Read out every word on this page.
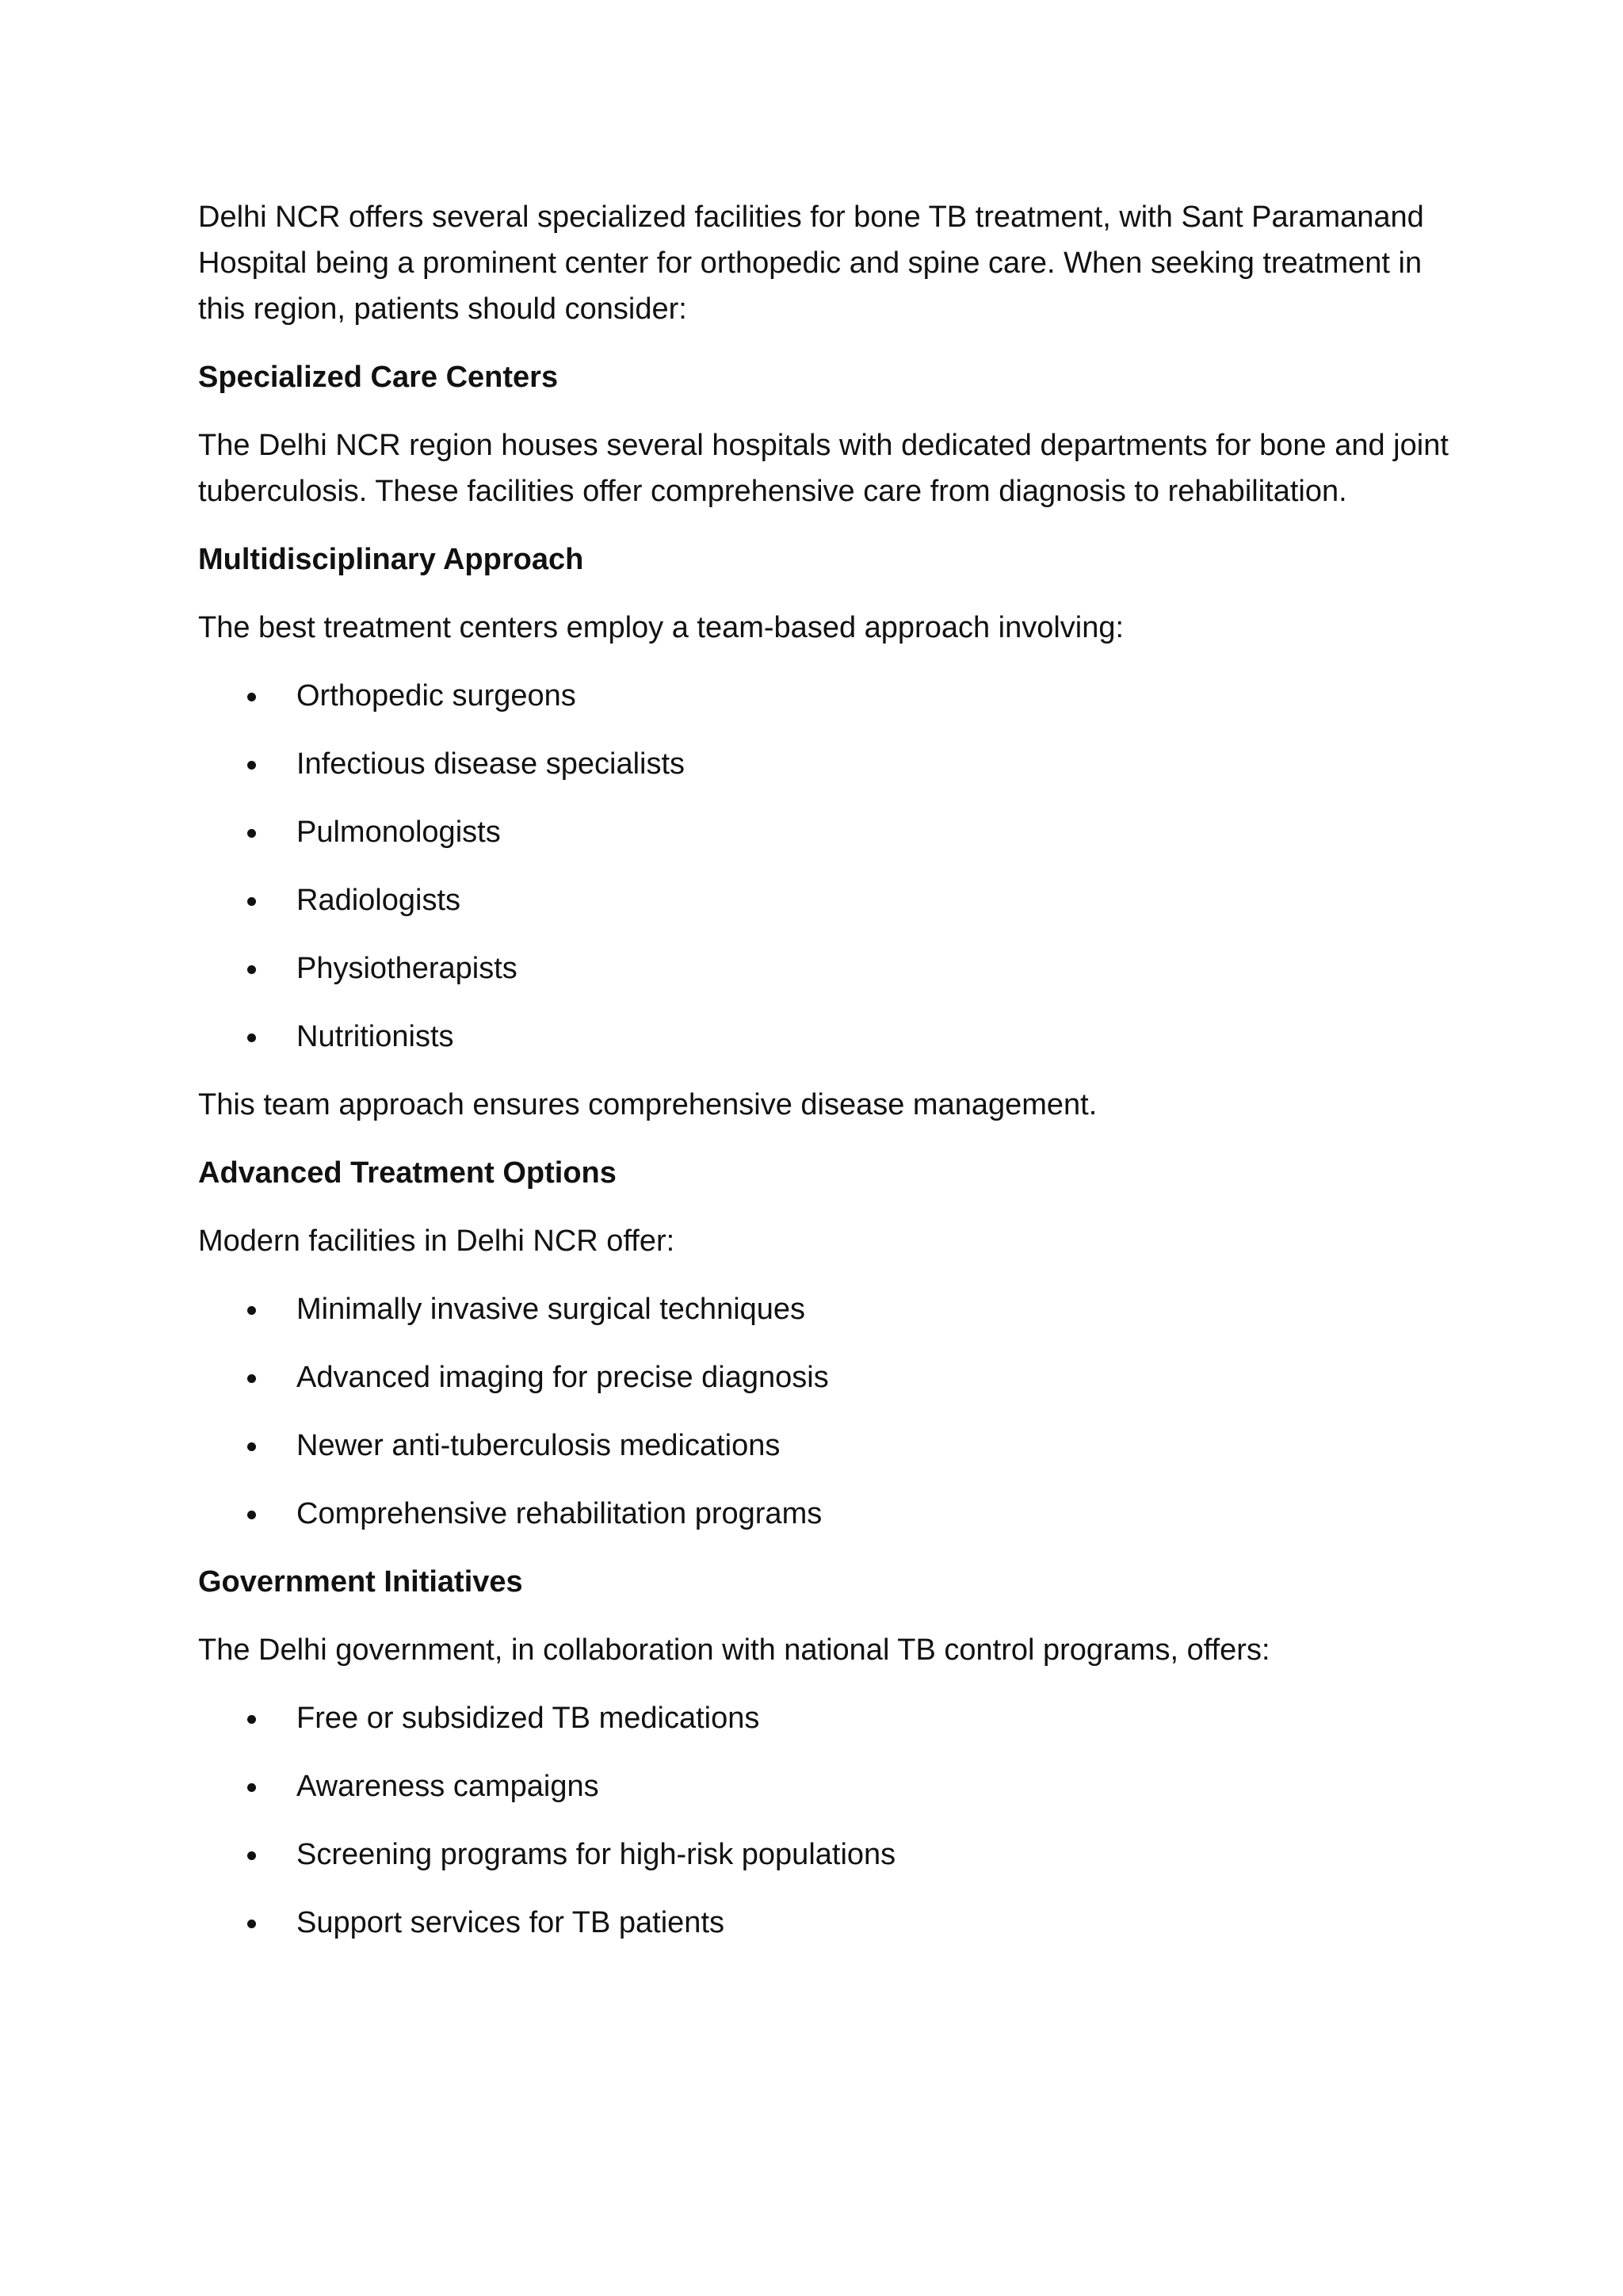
Delhi NCR offers several specialized facilities for bone TB treatment, with Sant Paramanand Hospital being a prominent center for orthopedic and spine care. When seeking treatment in this region, patients should consider:

Specialized Care Centers

The Delhi NCR region houses several hospitals with dedicated departments for bone and joint tuberculosis. These facilities offer comprehensive care from diagnosis to rehabilitation.

Multidisciplinary Approach

The best treatment centers employ a team-based approach involving:

Orthopedic surgeons
Infectious disease specialists
Pulmonologists
Radiologists
Physiotherapists
Nutritionists

This team approach ensures comprehensive disease management.

Advanced Treatment Options

Modern facilities in Delhi NCR offer:

Minimally invasive surgical techniques
Advanced imaging for precise diagnosis
Newer anti-tuberculosis medications
Comprehensive rehabilitation programs
Government Initiatives

The Delhi government, in collaboration with national TB control programs, offers:

Free or subsidized TB medications
Awareness campaigns
Screening programs for high-risk populations
Support services for TB patients
